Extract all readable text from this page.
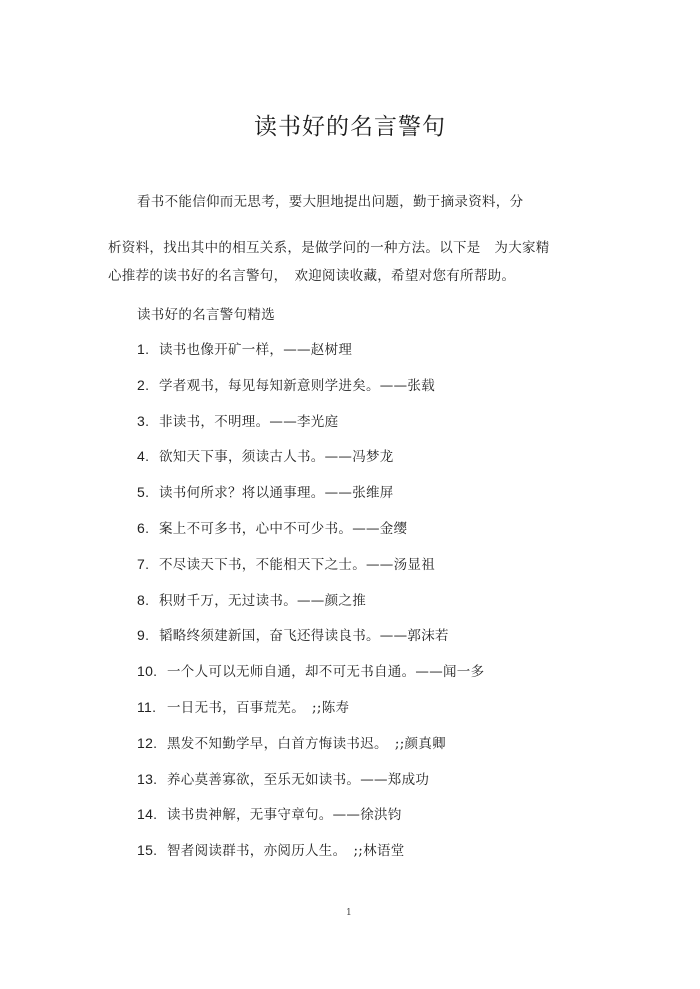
读书好的名言警句
看书不能信仰而无思考，要大胆地提出问题，勤于摘录资料，分
析资料，找出其中的相互关系，是做学问的一种方法。以下是　为大家精
心推荐的读书好的名言警句，　欢迎阅读收藏，希望对您有所帮助。
读书好的名言警句精选
1. 读书也像开矿一样，——赵树理
2. 学者观书，每见每知新意则学进矣。——张载
3. 非读书，不明理。——李光庭
4. 欲知天下事，须读古人书。——冯梦龙
5. 读书何所求？将以通事理。——张维屏
6. 案上不可多书，心中不可少书。——金缨
7. 不尽读天下书，不能相天下之士。——汤显祖
8. 积财千万，无过读书。——颜之推
9. 韬略终须建新国，奋飞还得读良书。——郭沫若
10. 一个人可以无师自通，却不可无书自通。——闻一多
11. 一日无书，百事荒芜。　;;陈寿
12. 黑发不知勤学早，白首方悔读书迟。　;;颜真卿
13. 养心莫善寡欲，至乐无如读书。——郑成功
14. 读书贵神解，无事守章句。——徐洪钧
15. 智者阅读群书，亦阅历人生。　;;林语堂
1
